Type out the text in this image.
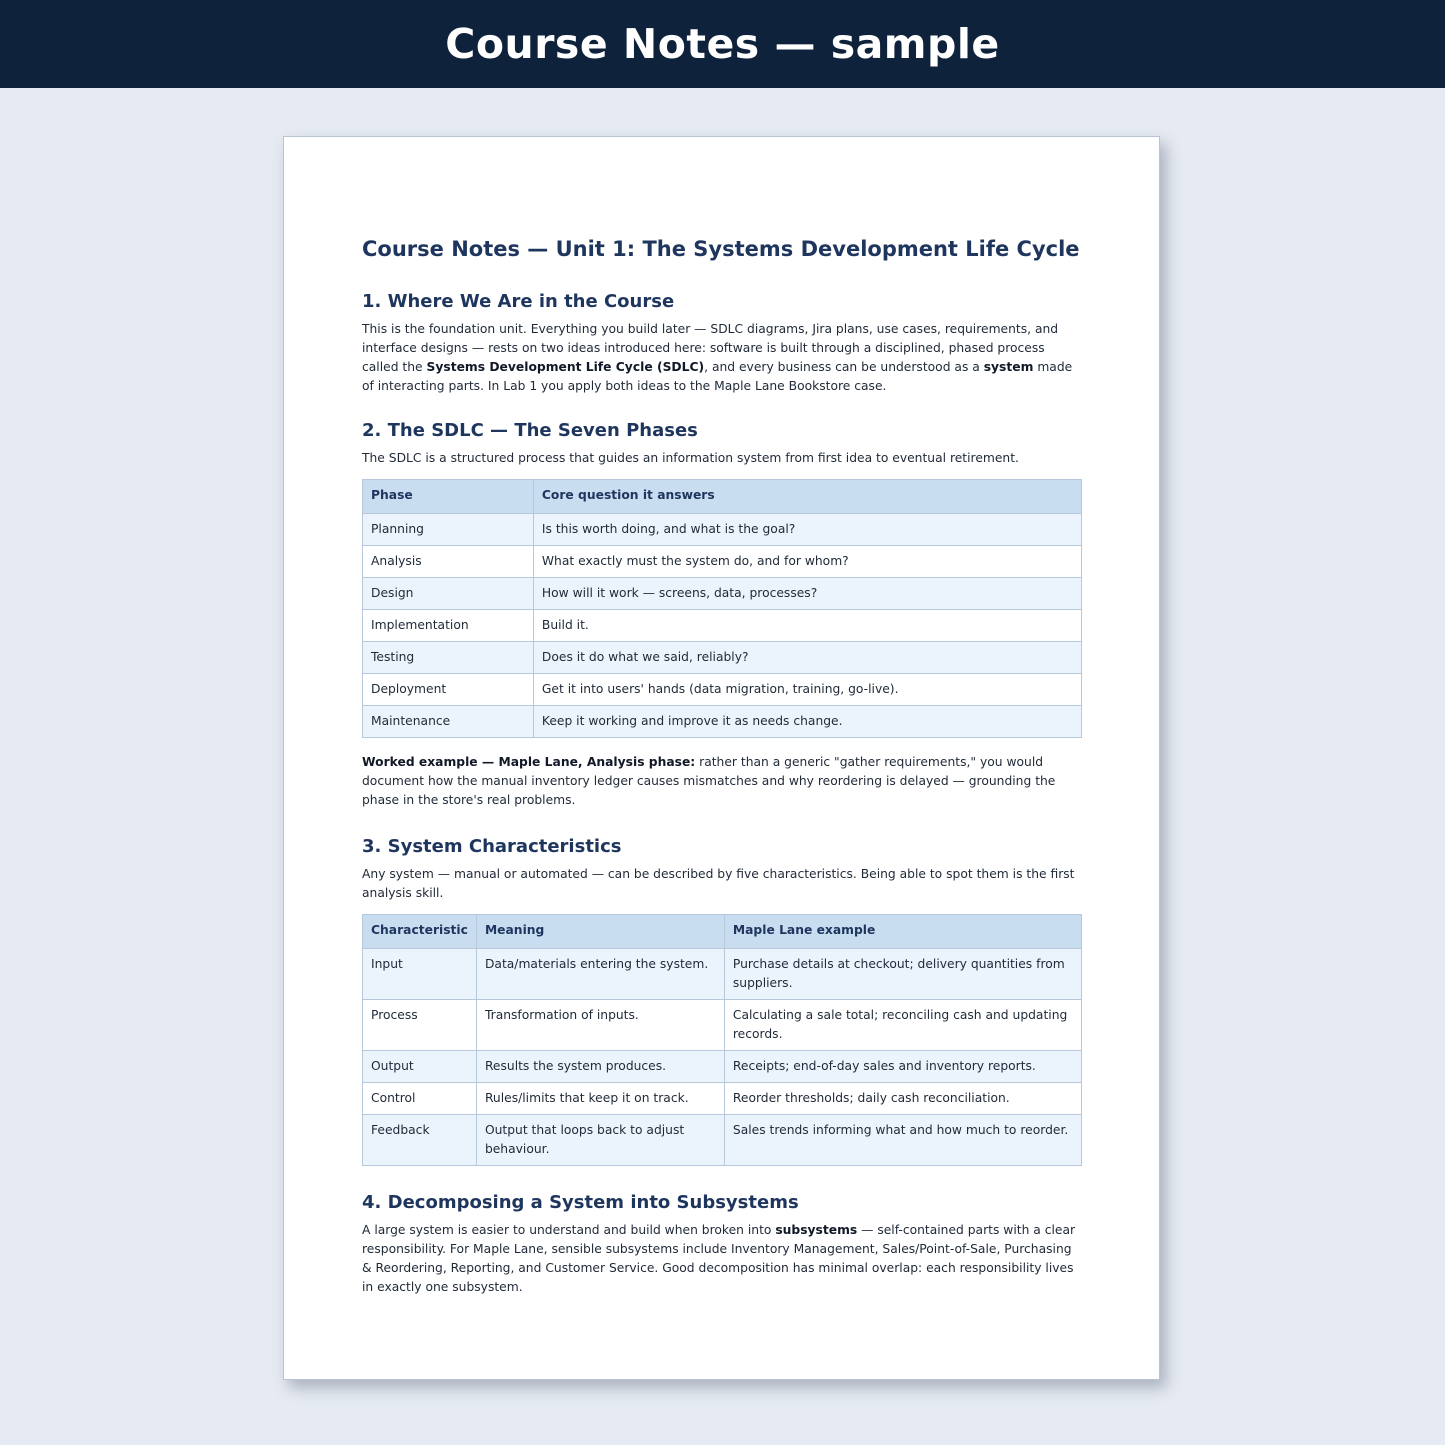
Course Notes — sample
Course Notes — Unit 1: The Systems Development Life Cycle
1. Where We Are in the Course

This is the foundation unit. Everything you build later — SDLC diagrams, Jira plans, use cases, requirements, and interface designs — rests on two ideas introduced here: software is built through a disciplined, phased process called the Systems Development Life Cycle (SDLC), and every business can be understood as a system made of interacting parts. In Lab 1 you apply both ideas to the Maple Lane Bookstore case.

2. The SDLC — The Seven Phases

The SDLC is a structured process that guides an information system from first idea to eventual retirement.

Phase	Core question it answers
Planning	Is this worth doing, and what is the goal?
Analysis	What exactly must the system do, and for whom?
Design	How will it work — screens, data, processes?
Implementation	Build it.
Testing	Does it do what we said, reliably?
Deployment	Get it into users' hands (data migration, training, go-live).
Maintenance	Keep it working and improve it as needs change.

Worked example — Maple Lane, Analysis phase: rather than a generic "gather requirements," you would document how the manual inventory ledger causes mismatches and why reordering is delayed — grounding the phase in the store's real problems.

3. System Characteristics

Any system — manual or automated — can be described by five characteristics. Being able to spot them is the first analysis skill.

Characteristic	Meaning	Maple Lane example
Input	Data/materials entering the system.	Purchase details at checkout; delivery quantities from suppliers.
Process	Transformation of inputs.	Calculating a sale total; reconciling cash and updating records.
Output	Results the system produces.	Receipts; end-of-day sales and inventory reports.
Control	Rules/limits that keep it on track.	Reorder thresholds; daily cash reconciliation.
Feedback	Output that loops back to adjust behaviour.	Sales trends informing what and how much to reorder.
4. Decomposing a System into Subsystems

A large system is easier to understand and build when broken into subsystems — self-contained parts with a clear responsibility. For Maple Lane, sensible subsystems include Inventory Management, Sales/Point-of-Sale, Purchasing & Reordering, Reporting, and Customer Service. Good decomposition has minimal overlap: each responsibility lives in exactly one subsystem.
